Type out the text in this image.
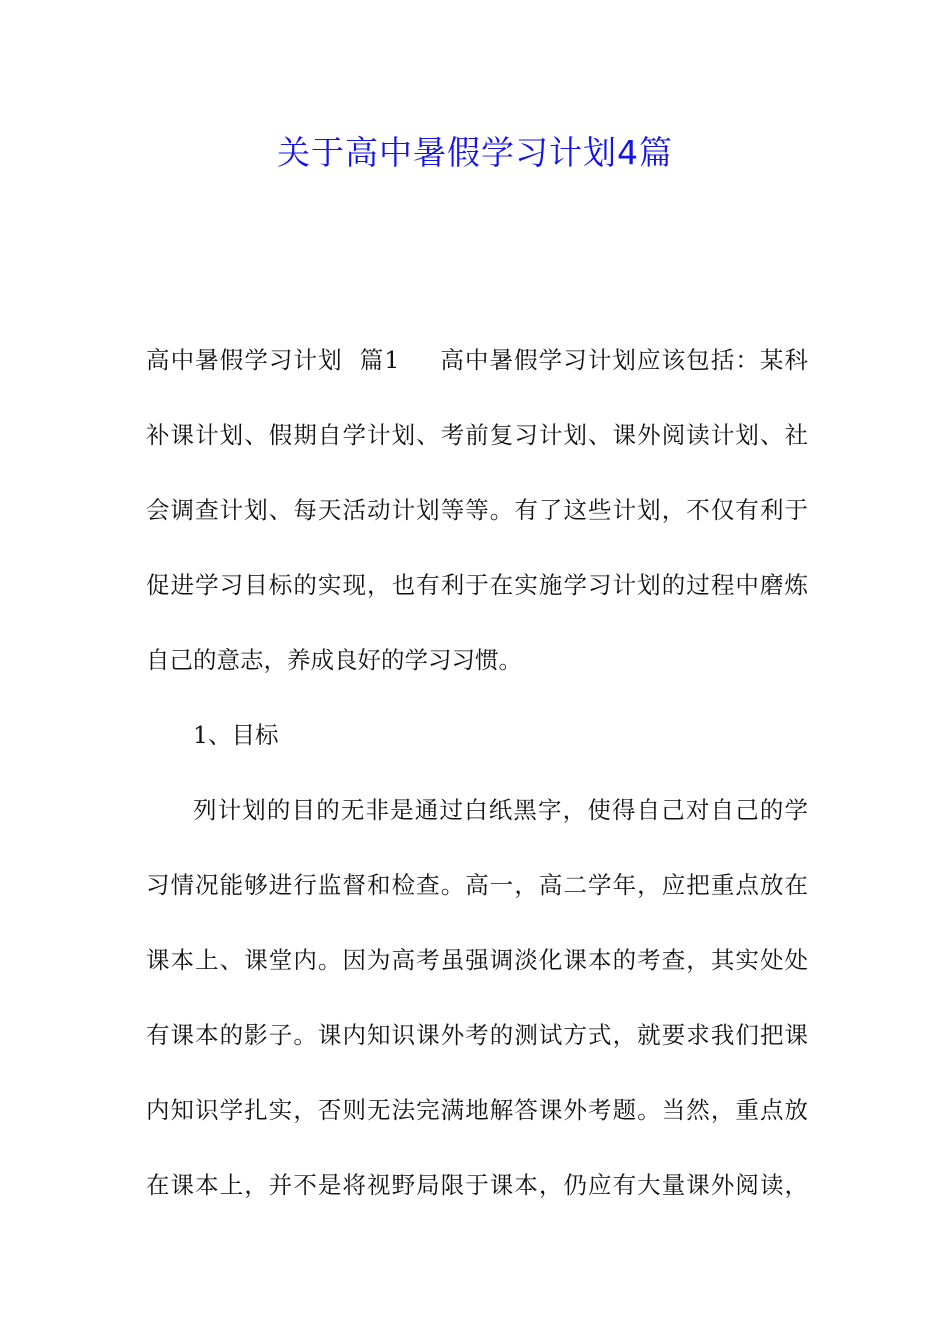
关于高中暑假学习计划4篇
高中暑假学习计划  篇1 高中暑假学习计划应该包括：某科
补课计划、假期自学计划、考前复习计划、课外阅读计划、社
会调查计划、每天活动计划等等。有了这些计划，不仅有利于
促进学习目标的实现，也有利于在实施学习计划的过程中磨炼
自己的意志，养成良好的学习习惯。
1、目标
列计划的目的无非是通过白纸黑字，使得自己对自己的学
习情况能够进行监督和检查。高一，高二学年，应把重点放在
课本上、课堂内。因为高考虽强调淡化课本的考查，其实处处
有课本的影子。课内知识课外考的测试方式，就要求我们把课
内知识学扎实，否则无法完满地解答课外考题。当然，重点放
在课本上，并不是将视野局限于课本，仍应有大量课外阅读，
